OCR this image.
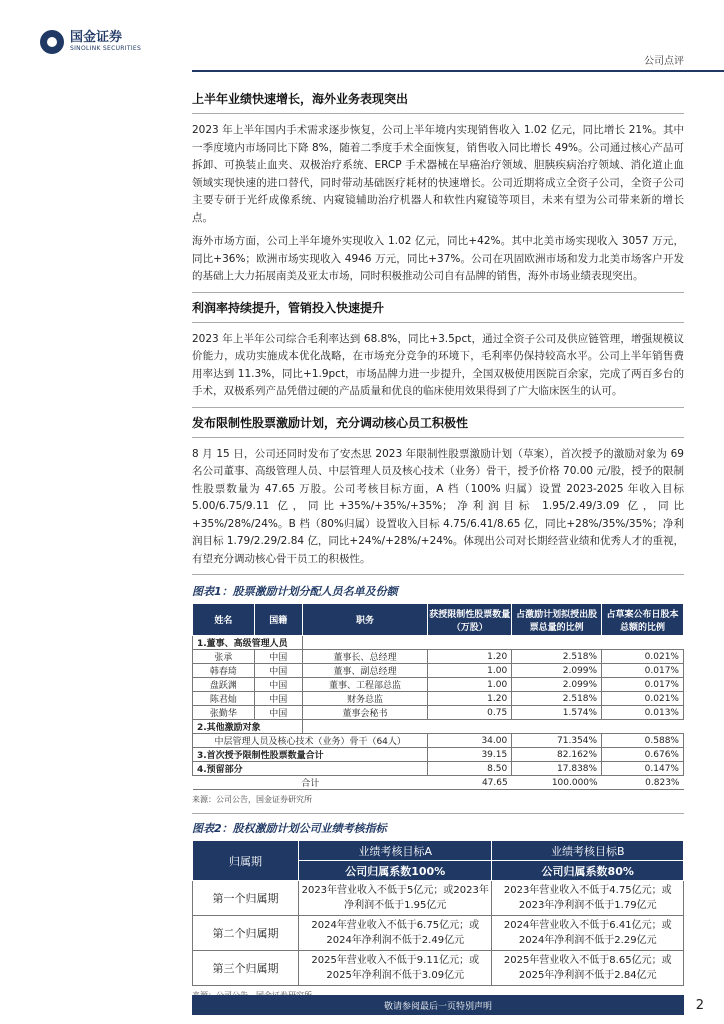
国金证券
SINOLINK SECURITIES
公司点评
上半年业绩快速增长，海外业务表现突出

2023 年上半年国内手术需求逐步恢复，公司上半年境内实现销售收入 1.02 亿元，同比增长 21%。其中一季度境内市场同比下降 8%，随着二季度手术全面恢复，销售收入同比增长 49%。公司通过核心产品可拆卸、可换装止血夹、双极治疗系统、ERCP 手术器械在早癌治疗领域、胆胰疾病治疗领域、消化道止血领域实现快速的进口替代，同时带动基础医疗耗材的快速增长。公司近期将成立全资子公司，全资子公司主要专研于光纤成像系统、内窥镜辅助治疗机器人和软性内窥镜等项目，未来有望为公司带来新的增长点。

海外市场方面，公司上半年境外实现收入 1.02 亿元，同比+42%。其中北美市场实现收入 3057 万元，同比+36%；欧洲市场实现收入 4946 万元，同比+37%。公司在巩固欧洲市场和发力北美市场客户开发的基础上大力拓展南美及亚太市场，同时积极推动公司自有品牌的销售，海外市场业绩表现突出。

利润率持续提升，管销投入快速提升

2023 年上半年公司综合毛利率达到 68.8%，同比+3.5pct，通过全资子公司及供应链管理，增强规模议价能力，成功实施成本优化战略，在市场充分竞争的环境下，毛利率仍保持较高水平。公司上半年销售费用率达到 11.3%，同比+1.9pct，市场品牌力进一步提升，全国双极使用医院百余家，完成了两百多台的手术，双极系列产品凭借过硬的产品质量和优良的临床使用效果得到了广大临床医生的认可。

发布限制性股票激励计划，充分调动核心员工积极性

8 月 15 日，公司还同时发布了安杰思 2023 年限制性股票激励计划（草案），首次授予的激励对象为 69 名公司董事、高级管理人员、中层管理人员及核心技术（业务）骨干，授予价格 70.00 元/股，授予的限制性股票数量为 47.65 万股。公司考核目标方面，A 档（100% 归属）设置 2023-2025 年收入目标 5.00/6.75/9.11 亿，同比+35%/+35%/+35%；净利润目标 1.95/2.49/3.09 亿，同比+35%/28%/24%。B 档（80%归属）设置收入目标 4.75/6.41/8.65 亿，同比+28%/35%/35%；净利润目标 1.79/2.29/2.84 亿，同比+24%/+28%/+24%。体现出公司对长期经营业绩和优秀人才的重视，有望充分调动核心骨干员工的积极性。

图表1：股票激励计划分配人员名单及份额
姓名	国籍	职务	获授限制性股票数量（万股）	占激励计划拟授出股票总量的比例	占草案公布日股本总额的比例
1.董事、高级管理人员					
张承	中国	董事长、总经理	1.20	2.518%	0.021%
韩春琦	中国	董事、副总经理	1.00	2.099%	0.017%
盘跃渊	中国	董事、工程部总监	1.00	2.099%	0.017%
陈君灿	中国	财务总监	1.20	2.518%	0.021%
张勤华	中国	董事会秘书	0.75	1.574%	0.013%
2.其他激励对象					
中层管理人员及核心技术（业务）骨干（64人）			34.00	71.354%	0.588%
3.首次授予限制性股票数量合计			39.15	82.162%	0.676%
4.预留部分			8.50	17.838%	0.147%
合计			47.65	100.000%	0.823%
来源：公司公告，国金证券研究所
图表2：股权激励计划公司业绩考核指标
归属期	业绩考核目标A	业绩考核目标B
	公司归属系数100%	公司归属系数80%
第一个归属期	2023年营业收入不低于5亿元；或2023年净利润不低于1.95亿元	2023年营业收入不低于4.75亿元；或2023年净利润不低于1.79亿元
第二个归属期	2024年营业收入不低于6.75亿元；或2024年净利润不低于2.49亿元	2024年营业收入不低于6.41亿元；或2024年净利润不低于2.29亿元
第三个归属期	2025年营业收入不低于9.11亿元；或2025年净利润不低于3.09亿元	2025年营业收入不低于8.65亿元；或2025年净利润不低于2.84亿元
敬请参阅最后一页特别声明	2
